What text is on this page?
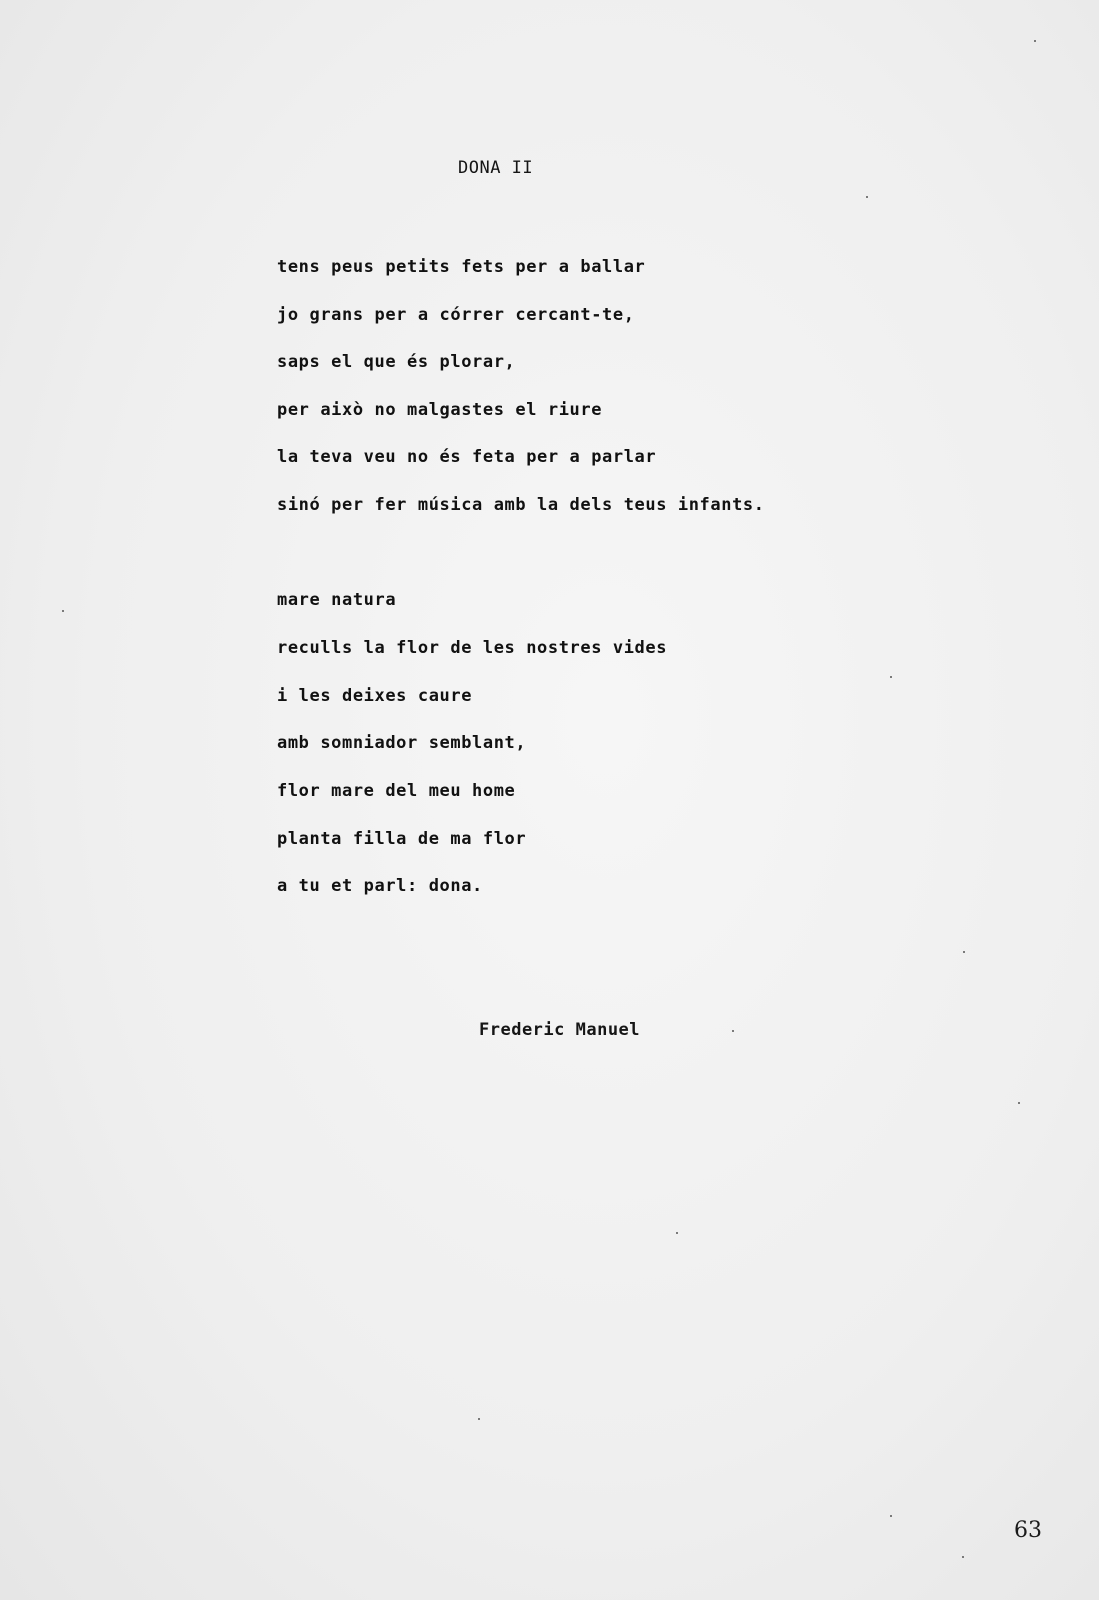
DONA II

tens peus petits fets per a ballar

jo grans per a córrer cercant-te,

saps el que és plorar,

per això no malgastes el riure

la teva veu no és feta per a parlar

sinó per fer música amb la dels teus infants.

mare natura

reculls la flor de les nostres vides

i les deixes caure

amb somniador semblant,

flor mare del meu home

planta filla de ma flor

a tu et parl: dona.

Frederic Manuel
63
